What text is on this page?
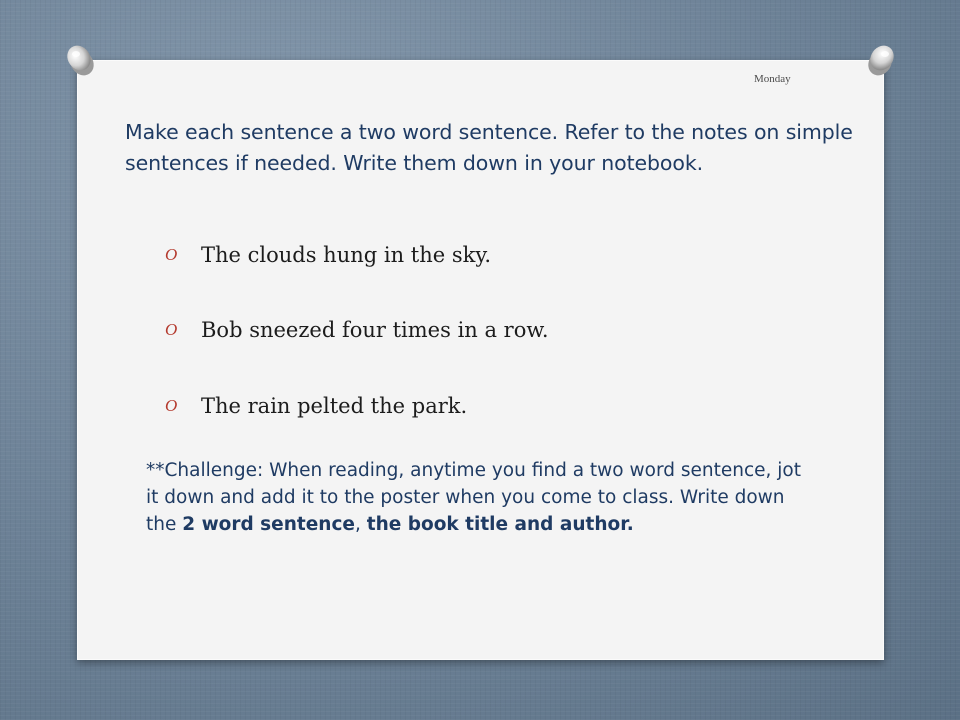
Monday
Make each sentence a two word sentence. Refer to the notes on simple sentences if needed. Write them down in your notebook.
O	The clouds hung in the sky.
O	Bob sneezed four times in a row.
O	The rain pelted the park.
**Challenge: When reading, anytime you find a two word sentence, jot it down and add it to the poster when you come to class. Write down the 2 word sentence, the book title and author.
